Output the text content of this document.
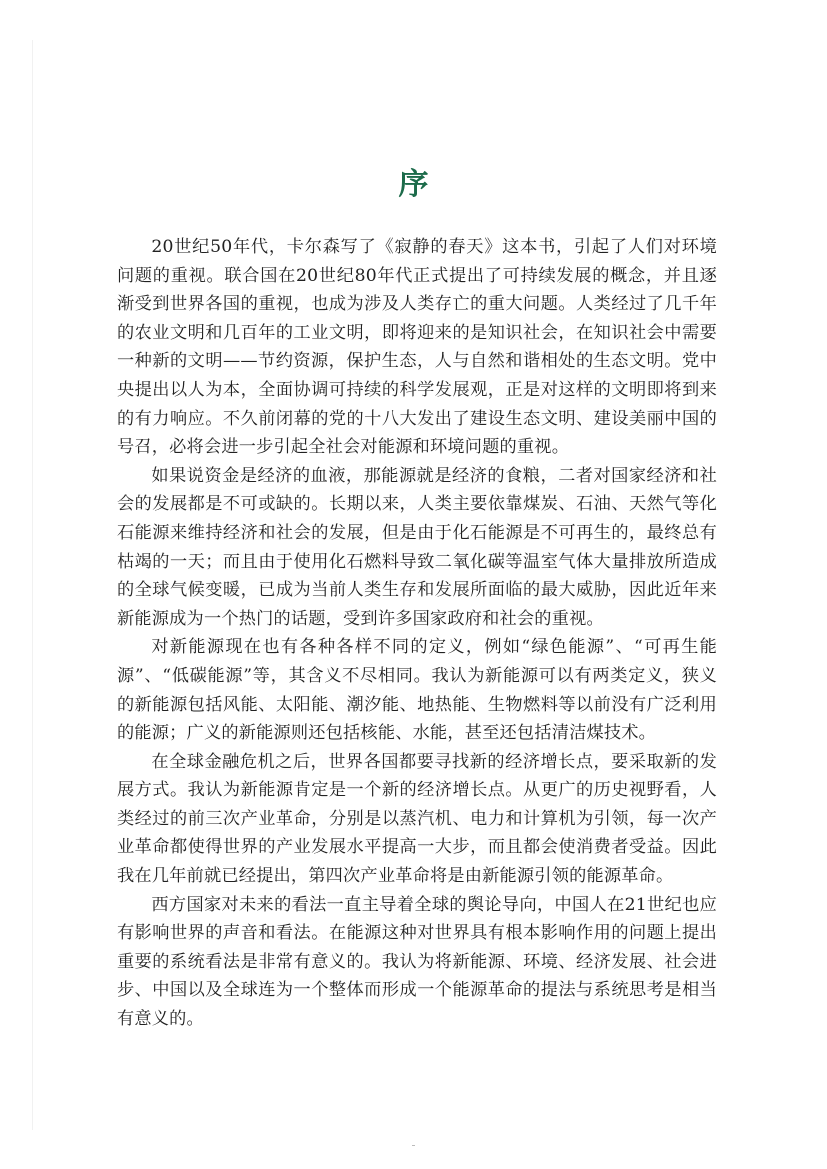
序

20世纪50年代，卡尔森写了《寂静的春天》这本书，引起了人们对环境问题的重视。联合国在20世纪80年代正式提出了可持续发展的概念，并且逐渐受到世界各国的重视，也成为涉及人类存亡的重大问题。人类经过了几千年的农业文明和几百年的工业文明，即将迎来的是知识社会，在知识社会中需要一种新的文明——节约资源，保护生态，人与自然和谐相处的生态文明。党中央提出以人为本，全面协调可持续的科学发展观，正是对这样的文明即将到来的有力响应。不久前闭幕的党的十八大发出了建设生态文明、建设美丽中国的号召，必将会进一步引起全社会对能源和环境问题的重视。

如果说资金是经济的血液，那能源就是经济的食粮，二者对国家经济和社会的发展都是不可或缺的。长期以来，人类主要依靠煤炭、石油、天然气等化石能源来维持经济和社会的发展，但是由于化石能源是不可再生的，最终总有枯竭的一天；而且由于使用化石燃料导致二氧化碳等温室气体大量排放所造成的全球气候变暖，已成为当前人类生存和发展所面临的最大威胁，因此近年来新能源成为一个热门的话题，受到许多国家政府和社会的重视。

对新能源现在也有各种各样不同的定义，例如“绿色能源”、“可再生能源”、“低碳能源”等，其含义不尽相同。我认为新能源可以有两类定义，狭义的新能源包括风能、太阳能、潮汐能、地热能、生物燃料等以前没有广泛利用的能源；广义的新能源则还包括核能、水能，甚至还包括清洁煤技术。

在全球金融危机之后，世界各国都要寻找新的经济增长点，要采取新的发展方式。我认为新能源肯定是一个新的经济增长点。从更广的历史视野看，人类经过的前三次产业革命，分别是以蒸汽机、电力和计算机为引领，每一次产业革命都使得世界的产业发展水平提高一大步，而且都会使消费者受益。因此我在几年前就已经提出，第四次产业革命将是由新能源引领的能源革命。

西方国家对未来的看法一直主导着全球的舆论导向，中国人在21世纪也应有影响世界的声音和看法。在能源这种对世界具有根本影响作用的问题上提出重要的系统看法是非常有意义的。我认为将新能源、环境、经济发展、社会进步、中国以及全球连为一个整体而形成一个能源革命的提法与系统思考是相当有意义的。
